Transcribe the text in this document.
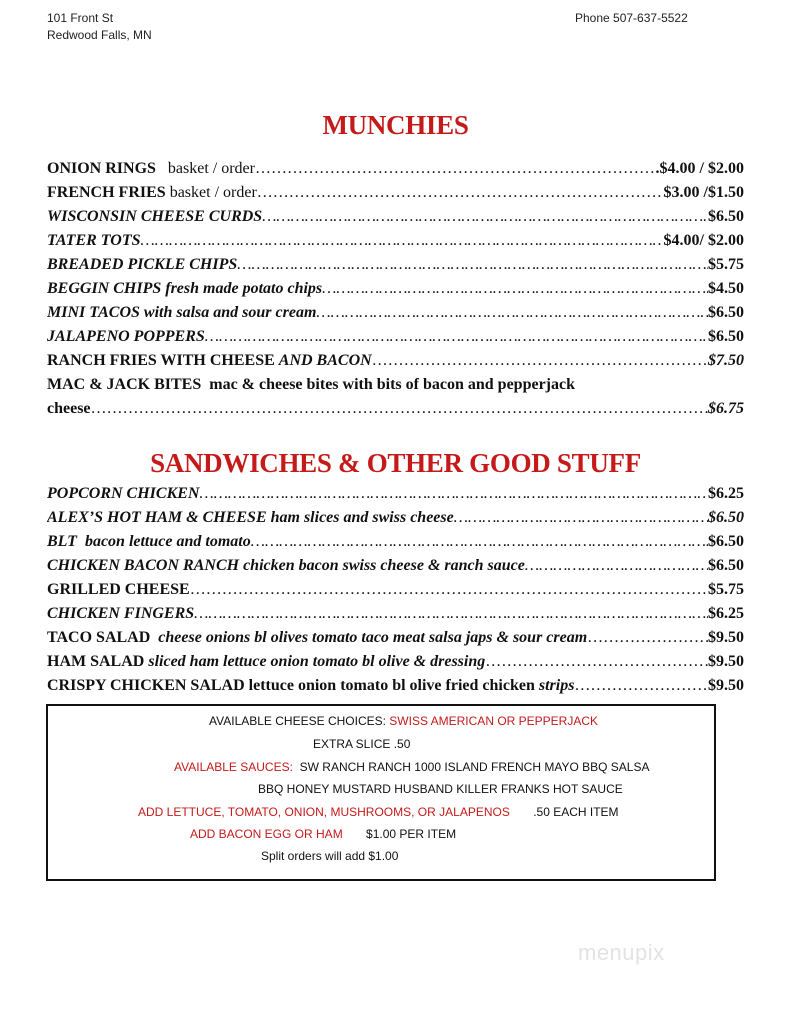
101 Front St
Redwood Falls, MN
Phone 507-637-5522
MUNCHIES
ONION RINGS
basket / order ……………………………………………………………………………………………………………………………………………………………………………	.$4.00 / $2.00
FRENCH FRIES
basket / order ……………………………………………………………………………………………………………………………………………………………………………	$3.00 /$1.50
WISCONSIN CHEESE CURDS ……………………………………………………………………………………………………………………………………………………………………………	$6.50
TATER TOTS ……………………………………………………………………………………………………………………………………………………………………………	$4.00/ $2.00
BREADED PICKLE CHIPS ……………………………………………………………………………………………………………………………………………………………………………	$5.75
BEGGIN CHIPS
fresh made potato chips ……………………………………………………………………………………………………………………………………………………………………………	$4.50
MINI TACOS
with salsa and sour cream ……………………………………………………………………………………………………………………………………………………………………………	$6.50
JALAPENO POPPERS ……………………………………………………………………………………………………………………………………………………………………………	$6.50
RANCH FRIES WITH CHEESE
AND BACON ……………………………………………………………………………………………………………………………………………………………………………	$7.50
MAC & JACK BITES
mac & cheese bites with bits of bacon and pepperjack
cheese ……………………………………………………………………………………………………………………………………………………………………………	$6.75
SANDWICHES & OTHER GOOD STUFF
POPCORN CHICKEN ……………………………………………………………………………………………………………………………………………………………………………	$6.25
ALEX’S HOT HAM & CHEESE
ham slices and swiss cheese ……………………………………………………………………………………………………………………………………………………………………………	$6.50
BLT
bacon lettuce and tomato ……………………………………………………………………………………………………………………………………………………………………………	$6.50
CHICKEN BACON RANCH
chicken bacon swiss cheese & ranch sauce ……………………………………………………………………………………………………………………………………………………………………………	$6.50
GRILLED CHEESE ……………………………………………………………………………………………………………………………………………………………………………	$5.75
CHICKEN FINGERS ……………………………………………………………………………………………………………………………………………………………………………	$6.25
TACO SALAD
cheese onions bl olives tomato taco meat salsa japs & sour cream ……………………………………………………………………………………………………………………………………………………………………………	$9.50
HAM SALAD
sliced ham lettuce onion tomato bl olive & dressing ……………………………………………………………………………………………………………………………………………………………………………	$9.50
CRISPY CHICKEN SALAD
lettuce onion tomato bl olive fried chicken
strips ……………………………………………………………………………………………………………………………………………………………………………	$9.50
AVAILABLE CHEESE CHOICES: SWISS AMERICAN OR PEPPERJACK
EXTRA SLICE .50
AVAILABLE SAUCES: SW RANCH RANCH 1000 ISLAND FRENCH MAYO BBQ SALSA
BBQ HONEY MUSTARD HUSBAND KILLER FRANKS HOT SAUCE
ADD LETTUCE, TOMATO, ONION, MUSHROOMS, OR JALAPENOS .50 EACH ITEM
ADD BACON EGG OR HAM $1.00 PER ITEM
Split orders will add $1.00
menupix
